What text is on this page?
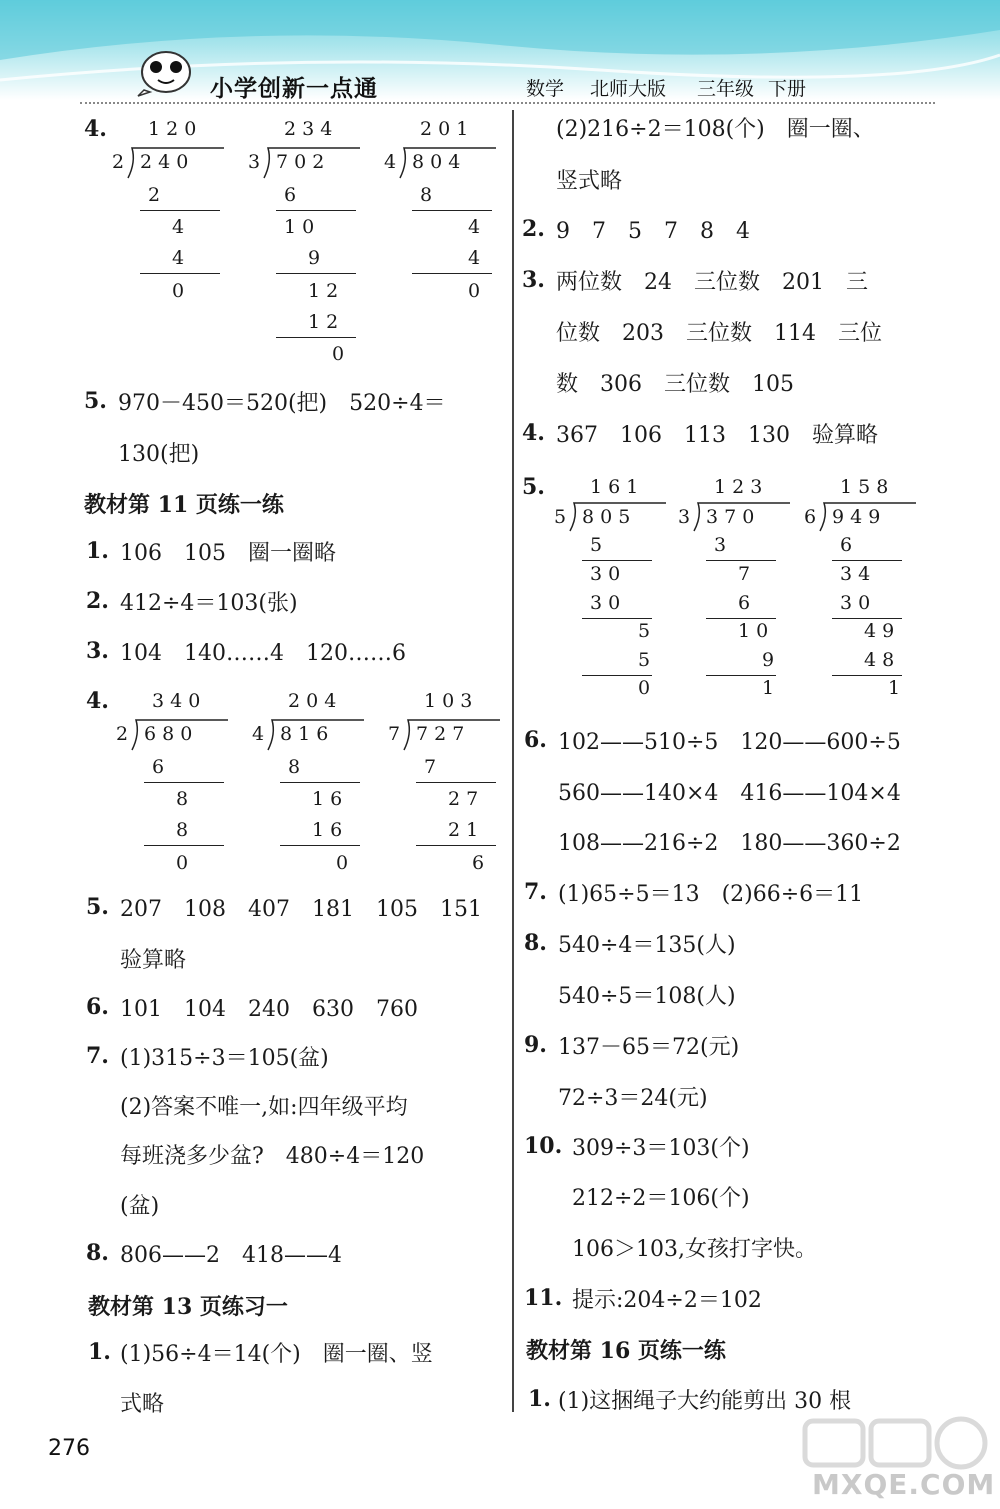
小学创新一点通	数学 北师大版 三年级 下册
4. 1 2 0
2 2 4 0
2
4
4
0
2 3 4
3 7 0 2
6
1 0
9
1 2
1 2
0
2 0 1
4 8 0 4
8
4
4
0
5. 970－450＝520(把)　520÷4＝
130(把)
教材第 11 页练一练
1. 106　105　圈一圈略
2. 412÷4＝103(张)
3. 104　140……4　120……6
4. 3 4 0
2 6 8 0
6
8
8
0
2 0 4
4 8 1 6
8
1 6
1 6
0
1 0 3
7 7 2 7
7
2 7
2 1
6
5. 207　108　407　181　105　151
验算略
6. 101　104　240　630　760
7. (1)315÷3＝105(盆)
(2)答案不唯一,如:四年级平均
每班浇多少盆?　480÷4＝120
(盆)
8. 806——2　418——4
教材第 13 页练习一
1. (1)56÷4＝14(个)　圈一圈、竖
式略
(2)216÷2＝108(个)　圈一圈、
竖式略
2. 9　7　5　7　8　4
3. 两位数　24　三位数　201　三
位数　203　三位数　114　三位
数　306　三位数　105
4. 367　106　113　130　验算略
5. 1 6 1
5 8 0 5
5
3 0
3 0
5
5
0
1 2 3
3 3 7 0
3
7
6
1 0
9
1
1 5 8
6 9 4 9
6
3 4
3 0
4 9
4 8
1
6. 102——510÷5　120——600÷5
560——140×4　416——104×4
108——216÷2　180——360÷2
7. (1)65÷5＝13　(2)66÷6＝11
8. 540÷4＝135(人)
540÷5＝108(人)
9. 137－65＝72(元)
72÷3＝24(元)
10. 309÷3＝103(个)
212÷2＝106(个)
106＞103,女孩打字快。
11. 提示:204÷2＝102
教材第 16 页练一练
1. (1)这捆绳子大约能剪出 30 根
276
MXQE.COM
